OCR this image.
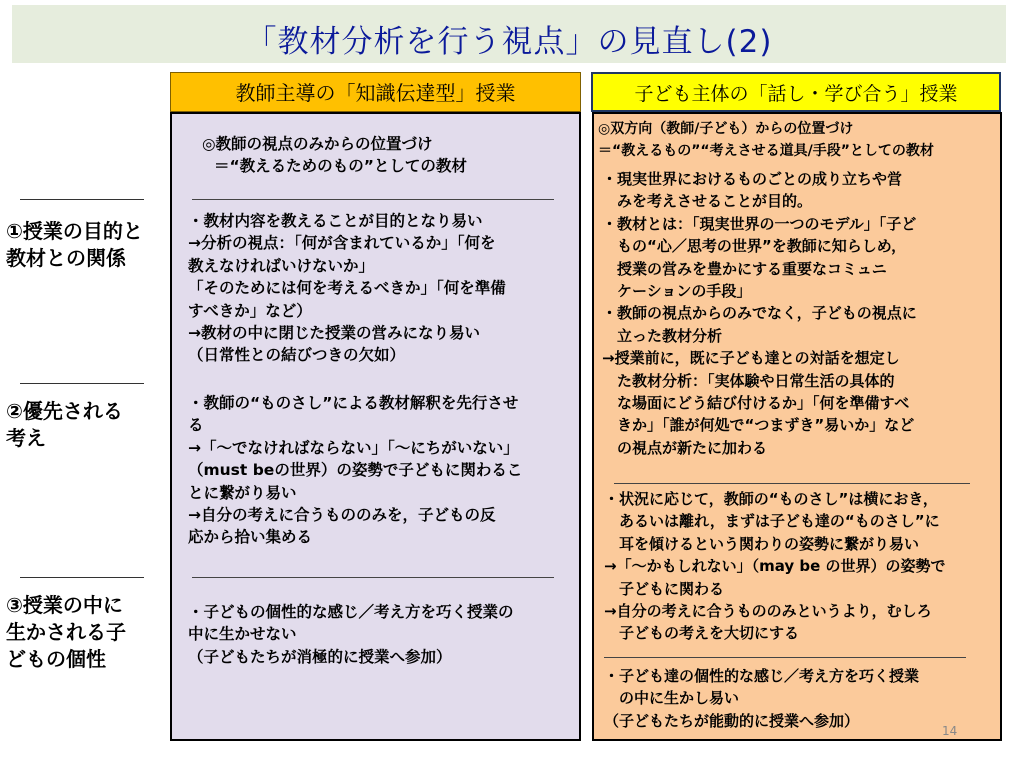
「教材分析を行う視点」の見直し(2)
教師主導の「知識伝達型」授業	子ども主体の「話し・学び合う」授業
①授業の目的と
教材との関係
②優先される
考え
③授業の中に
生かされる子
どもの個性
◎教師の視点のみからの位置づけ
＝“教えるためのもの”としての教材
・教材内容を教えることが目的となり易い
→分析の視点：「何が含まれているか」「何を
教えなければいけないか」
「そのためには何を考えるべきか」「何を準備
すべきか」など）
→教材の中に閉じた授業の営みになり易い
（日常性との結びつきの欠如）
・教師の“ものさし”による教材解釈を先行させ
る
→「～でなければならない」「～にちがいない」
（must beの世界）の姿勢で子どもに関わるこ
とに繋がり易い
→自分の考えに合うもののみを，子どもの反
応から拾い集める
・子どもの個性的な感じ／考え方を巧く授業の
中に生かせない
（子どもたちが消極的に授業へ参加）
◎双方向（教師/子ども）からの位置づけ
＝“教えるもの”“考えさせる道具/手段”としての教材
・現実世界におけるものごとの成り立ちや営
　みを考えさせることが目的。
・教材とは：「現実世界の一つのモデル」「子ど
　もの“心／思考の世界”を教師に知らしめ，
　授業の営みを豊かにする重要なコミュニ
　ケーションの手段」
・教師の視点からのみでなく，子どもの視点に
　立った教材分析
→授業前に，既に子ども達との対話を想定し
　た教材分析：「実体験や日常生活の具体的
　な場面にどう結び付けるか」「何を準備すべ
　きか」「誰が何処で“つまずき”易いか」など
　の視点が新たに加わる
・状況に応じて，教師の“ものさし”は横におき，
　あるいは離れ，まずは子ども達の“ものさし”に
　耳を傾けるという関わりの姿勢に繋がり易い
→「～かもしれない」（may be の世界）の姿勢で
　子どもに関わる
→自分の考えに合うもののみというより，むしろ
　子どもの考えを大切にする
・子ども達の個性的な感じ／考え方を巧く授業
　の中に生かし易い
（子どもたちが能動的に授業へ参加）
14
